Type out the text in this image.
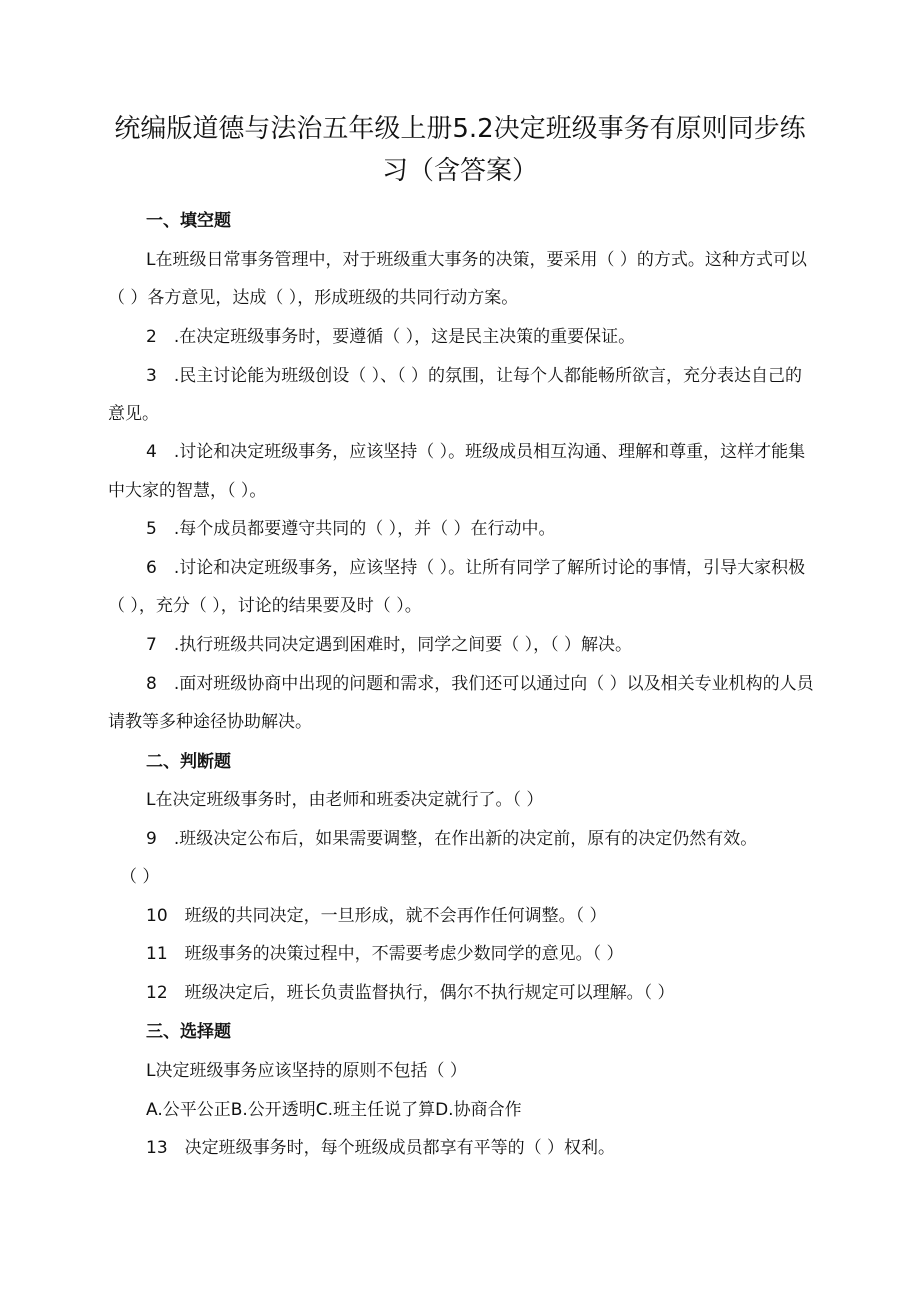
统编版道德与法治五年级上册5.2决定班级事务有原则同步练
习（含答案）
一、填空题
L在班级日常事务管理中，对于班级重大事务的决策，要采用（ ）的方式。这种方式可以
（ ）各方意见，达成（ ），形成班级的共同行动方案。
2　.在决定班级事务时，要遵循（ ），这是民主决策的重要保证。
3　.民主讨论能为班级创设（ ）、（ ）的氛围，让每个人都能畅所欲言，充分表达自己的
意见。
4　.讨论和决定班级事务，应该坚持（ ）。班级成员相互沟通、理解和尊重，这样才能集
中大家的智慧，（ ）。
5　.每个成员都要遵守共同的（ ），并（ ）在行动中。
6　.讨论和决定班级事务，应该坚持（ ）。让所有同学了解所讨论的事情，引导大家积极
（ ），充分（ ），讨论的结果要及时（ ）。
7　.执行班级共同决定遇到困难时，同学之间要（ ），（ ）解决。
8　.面对班级协商中出现的问题和需求，我们还可以通过向（ ）以及相关专业机构的人员
请教等多种途径协助解决。
二、判断题
L在决定班级事务时，由老师和班委决定就行了。（ ）
9　.班级决定公布后，如果需要调整，在作出新的决定前，原有的决定仍然有效。
（ ）
10　班级的共同决定，一旦形成，就不会再作任何调整。（ ）
11　班级事务的决策过程中，不需要考虑少数同学的意见。（ ）
12　班级决定后，班长负责监督执行，偶尔不执行规定可以理解。（ ）
三、选择题
L决定班级事务应该坚持的原则不包括（ ）
A.公平公正B.公开透明C.班主任说了算D.协商合作
13　决定班级事务时，每个班级成员都享有平等的（ ）权利。
